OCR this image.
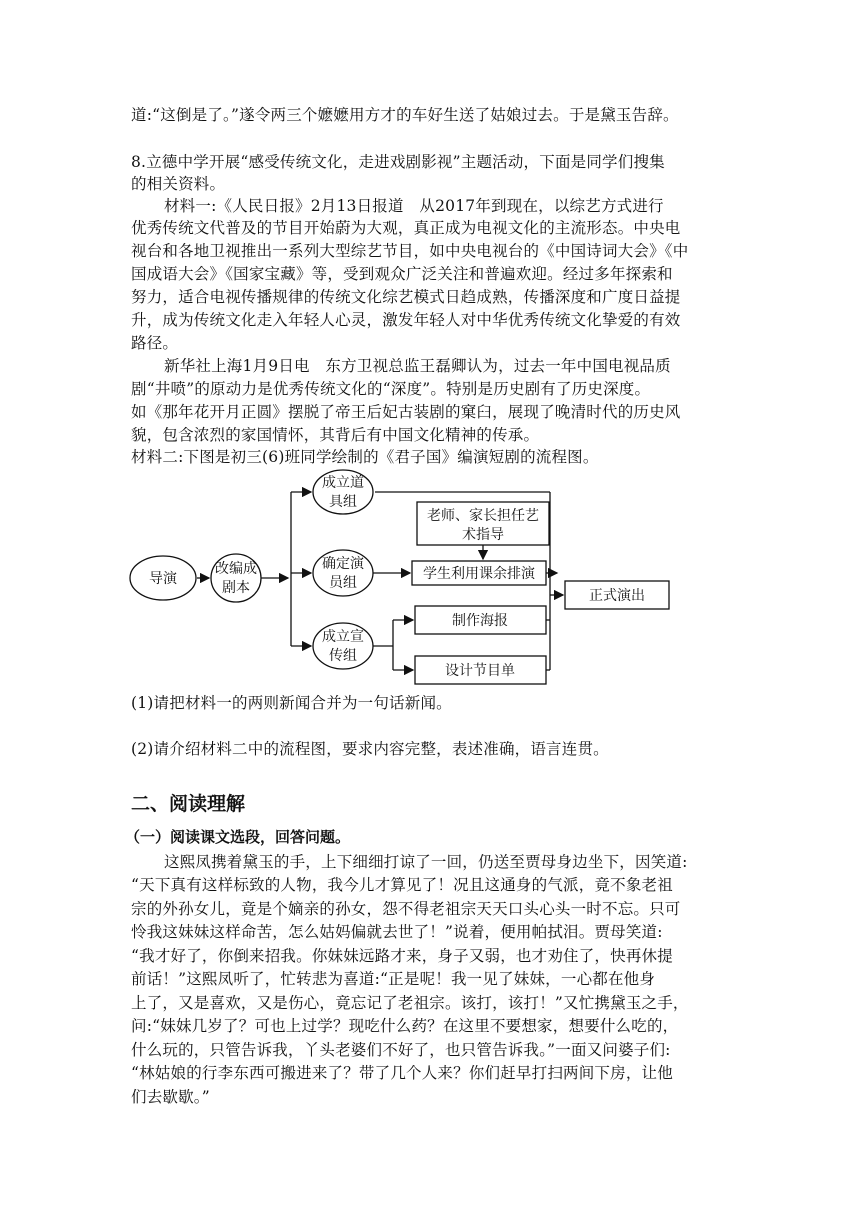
道:“这倒是了。”遂令两三个嬷嬷用方才的车好生送了姑娘过去。于是黛玉告辞。
8.立德中学开展“感受传统文化，走进戏剧影视”主题活动，下面是同学们搜集
的相关资料。
材料一:《人民日报》2月13日报道　从2017年到现在，以综艺方式进行
优秀传统文代普及的节目开始蔚为大观，真正成为电视文化的主流形态。中央电
视台和各地卫视推出一系列大型综艺节目，如中央电视台的《中国诗词大会》《中
国成语大会》《国家宝藏》等，受到观众广泛关注和普遍欢迎。经过多年探索和
努力，适合电视传播规律的传统文化综艺模式日趋成熟，传播深度和广度日益提
升，成为传统文化走入年轻人心灵，激发年轻人对中华优秀传统文化挚爱的有效
路径。
新华社上海1月9日电　东方卫视总监王磊卿认为，过去一年中国电视品质
剧“井喷”的原动力是优秀传统文化的“深度”。特别是历史剧有了历史深度。
如《那年花开月正圆》摆脱了帝王后妃古装剧的窠臼，展现了晚清时代的历史风
貌，包含浓烈的家国情怀，其背后有中国文化精神的传承。
材料二:下图是初三(6)班同学绘制的《君子国》编演短剧的流程图。
导演
改编成
剧本
成立道
具组
确定演
员组
成立宣
传组
老师、家长担任艺
术指导
学生利用课余排演
制作海报
设计节目单
正式演出
(1)请把材料一的两则新闻合并为一句话新闻。
(2)请介绍材料二中的流程图，要求内容完整，表述准确，语言连贯。
二、阅读理解
（一）阅读课文选段，回答问题。
这熙凤携着黛玉的手，上下细细打谅了一回，仍送至贾母身边坐下，因笑道:
“天下真有这样标致的人物，我今儿才算见了！况且这通身的气派，竟不象老祖
宗的外孙女儿，竟是个嫡亲的孙女，怨不得老祖宗天天口头心头一时不忘。只可
怜我这妹妹这样命苦，怎么姑妈偏就去世了！”说着，便用帕拭泪。贾母笑道:
“我才好了，你倒来招我。你妹妹远路才来，身子又弱，也才劝住了，快再休提
前话！”这熙凤听了，忙转悲为喜道:“正是呢！我一见了妹妹，一心都在他身
上了，又是喜欢，又是伤心，竟忘记了老祖宗。该打，该打！”又忙携黛玉之手，
问:“妹妹几岁了？可也上过学？现吃什么药？在这里不要想家，想要什么吃的，
什么玩的，只管告诉我，丫头老婆们不好了，也只管告诉我。”一面又问婆子们:
“林姑娘的行李东西可搬进来了？带了几个人来？你们赶早打扫两间下房，让他
们去歇歇。”
